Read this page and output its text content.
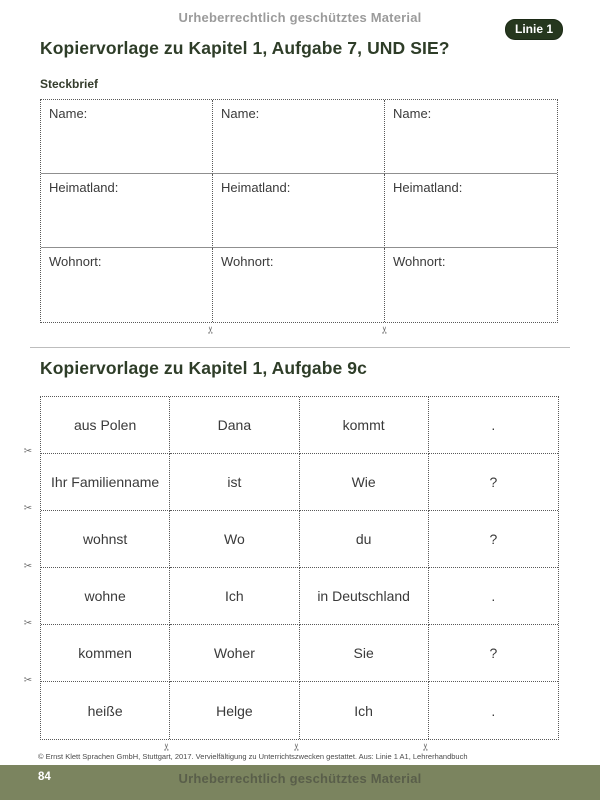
Urheberrechtlich geschütztes Material
Linie 1
Kopiervorlage zu Kapitel 1, Aufgabe 7, UND SIE?
Steckbrief
Name:	Name:	Name:
Heimatland:	Heimatland:	Heimatland:
Wohnort:	Wohnort:	Wohnort:
✂	✂
Kopiervorlage zu Kapitel 1, Aufgabe 9c
aus Polen	Dana	kommt	.
Ihr Familienname	ist	Wie	?
wohnst	Wo	du	?
wohne	Ich	in Deutschland	.
kommen	Woher	Sie	?
heiße	Helge	Ich	.
✂
✂
✂
✂
✂
✂	✂	✂
© Ernst Klett Sprachen GmbH, Stuttgart, 2017. Vervielfältigung zu Unterrichtszwecken gestattet. Aus: Linie 1 A1, Lehrerhandbuch
84	Urheberrechtlich geschütztes Material
